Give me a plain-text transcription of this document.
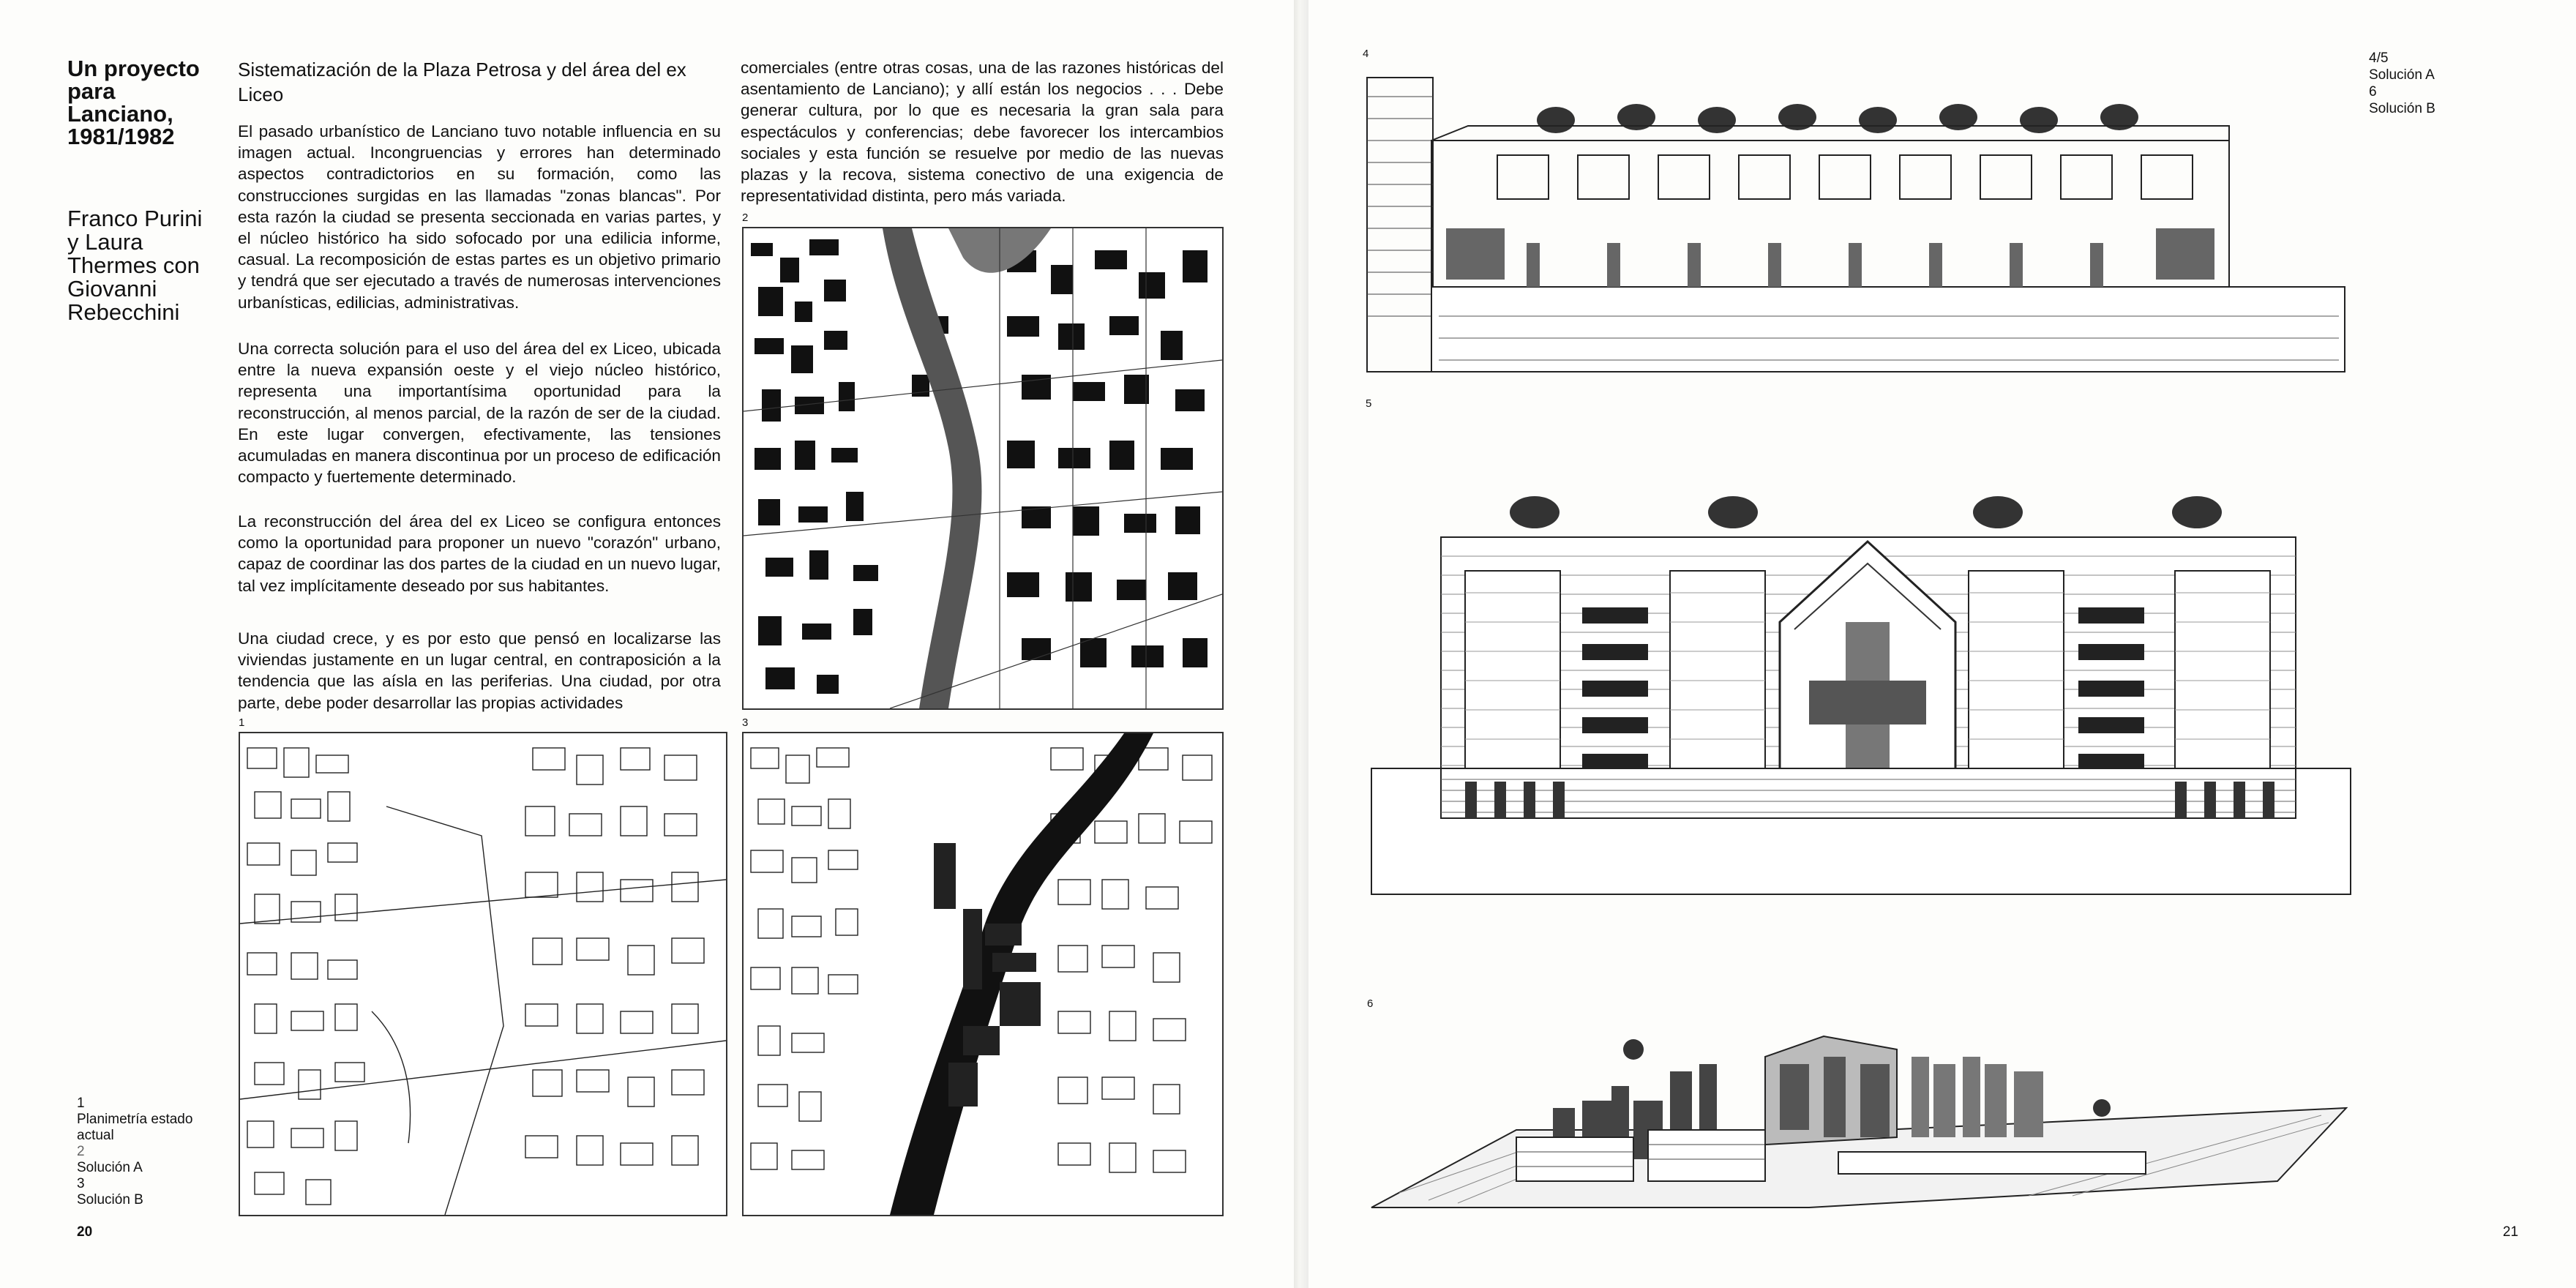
Un proyecto
para
Lanciano,
1981/1982
Franco Purini
y Laura
Thermes con
Giovanni
Rebecchini

Sistematización de la Plaza Petrosa y del área del ex Liceo

El pasado urbanístico de Lanciano tuvo notable influencia en su imagen actual. Incongruencias y errores han determinado aspectos contradictorios en su formación, como las construcciones surgidas en las llamadas "zonas blancas". Por esta razón la ciudad se presenta seccionada en varias partes, y el núcleo histórico ha sido sofocado por una edilicia informe, casual. La recomposición de estas partes es un objetivo primario y tendrá que ser ejecutado a través de numerosas intervenciones urbanísticas, edilicias, administrativas.

Una correcta solución para el uso del área del ex Liceo, ubicada entre la nueva expansión oeste y el viejo núcleo histórico, representa una importantísima oportunidad para la reconstrucción, al menos parcial, de la razón de ser de la ciudad. En este lugar convergen, efectivamente, las tensiones acumuladas en manera discontinua por un proceso de edificación compacto y fuertemente determinado.

La reconstrucción del área del ex Liceo se configura entonces como la oportunidad para proponer un nuevo "corazón" urbano, capaz de coordinar las dos partes de la ciudad en un nuevo lugar, tal vez implícitamente deseado por sus habitantes.

Una ciudad crece, y es por esto que pensó en localizarse las viviendas justamente en un lugar central, en contraposición a la tendencia que las aísla en las periferias. Una ciudad, por otra parte, debe poder desarrollar las propias actividades

comerciales (entre otras cosas, una de las razones históricas del asentamiento de Lanciano); y allí están los negocios . . . Debe generar cultura, por lo que es necesaria la gran sala para espectáculos y conferencias; debe favorecer los intercambios sociales y esta función se resuelve por medio de las nuevas plazas y la recova, sistema conectivo de una exigencia de representatividad distinta, pero más variada.

2
1	3
1
Planimetría estado actual
2
Solución A
3
Solución B
20
4	4/5
Solución A
6
Solución B
5
6
21
